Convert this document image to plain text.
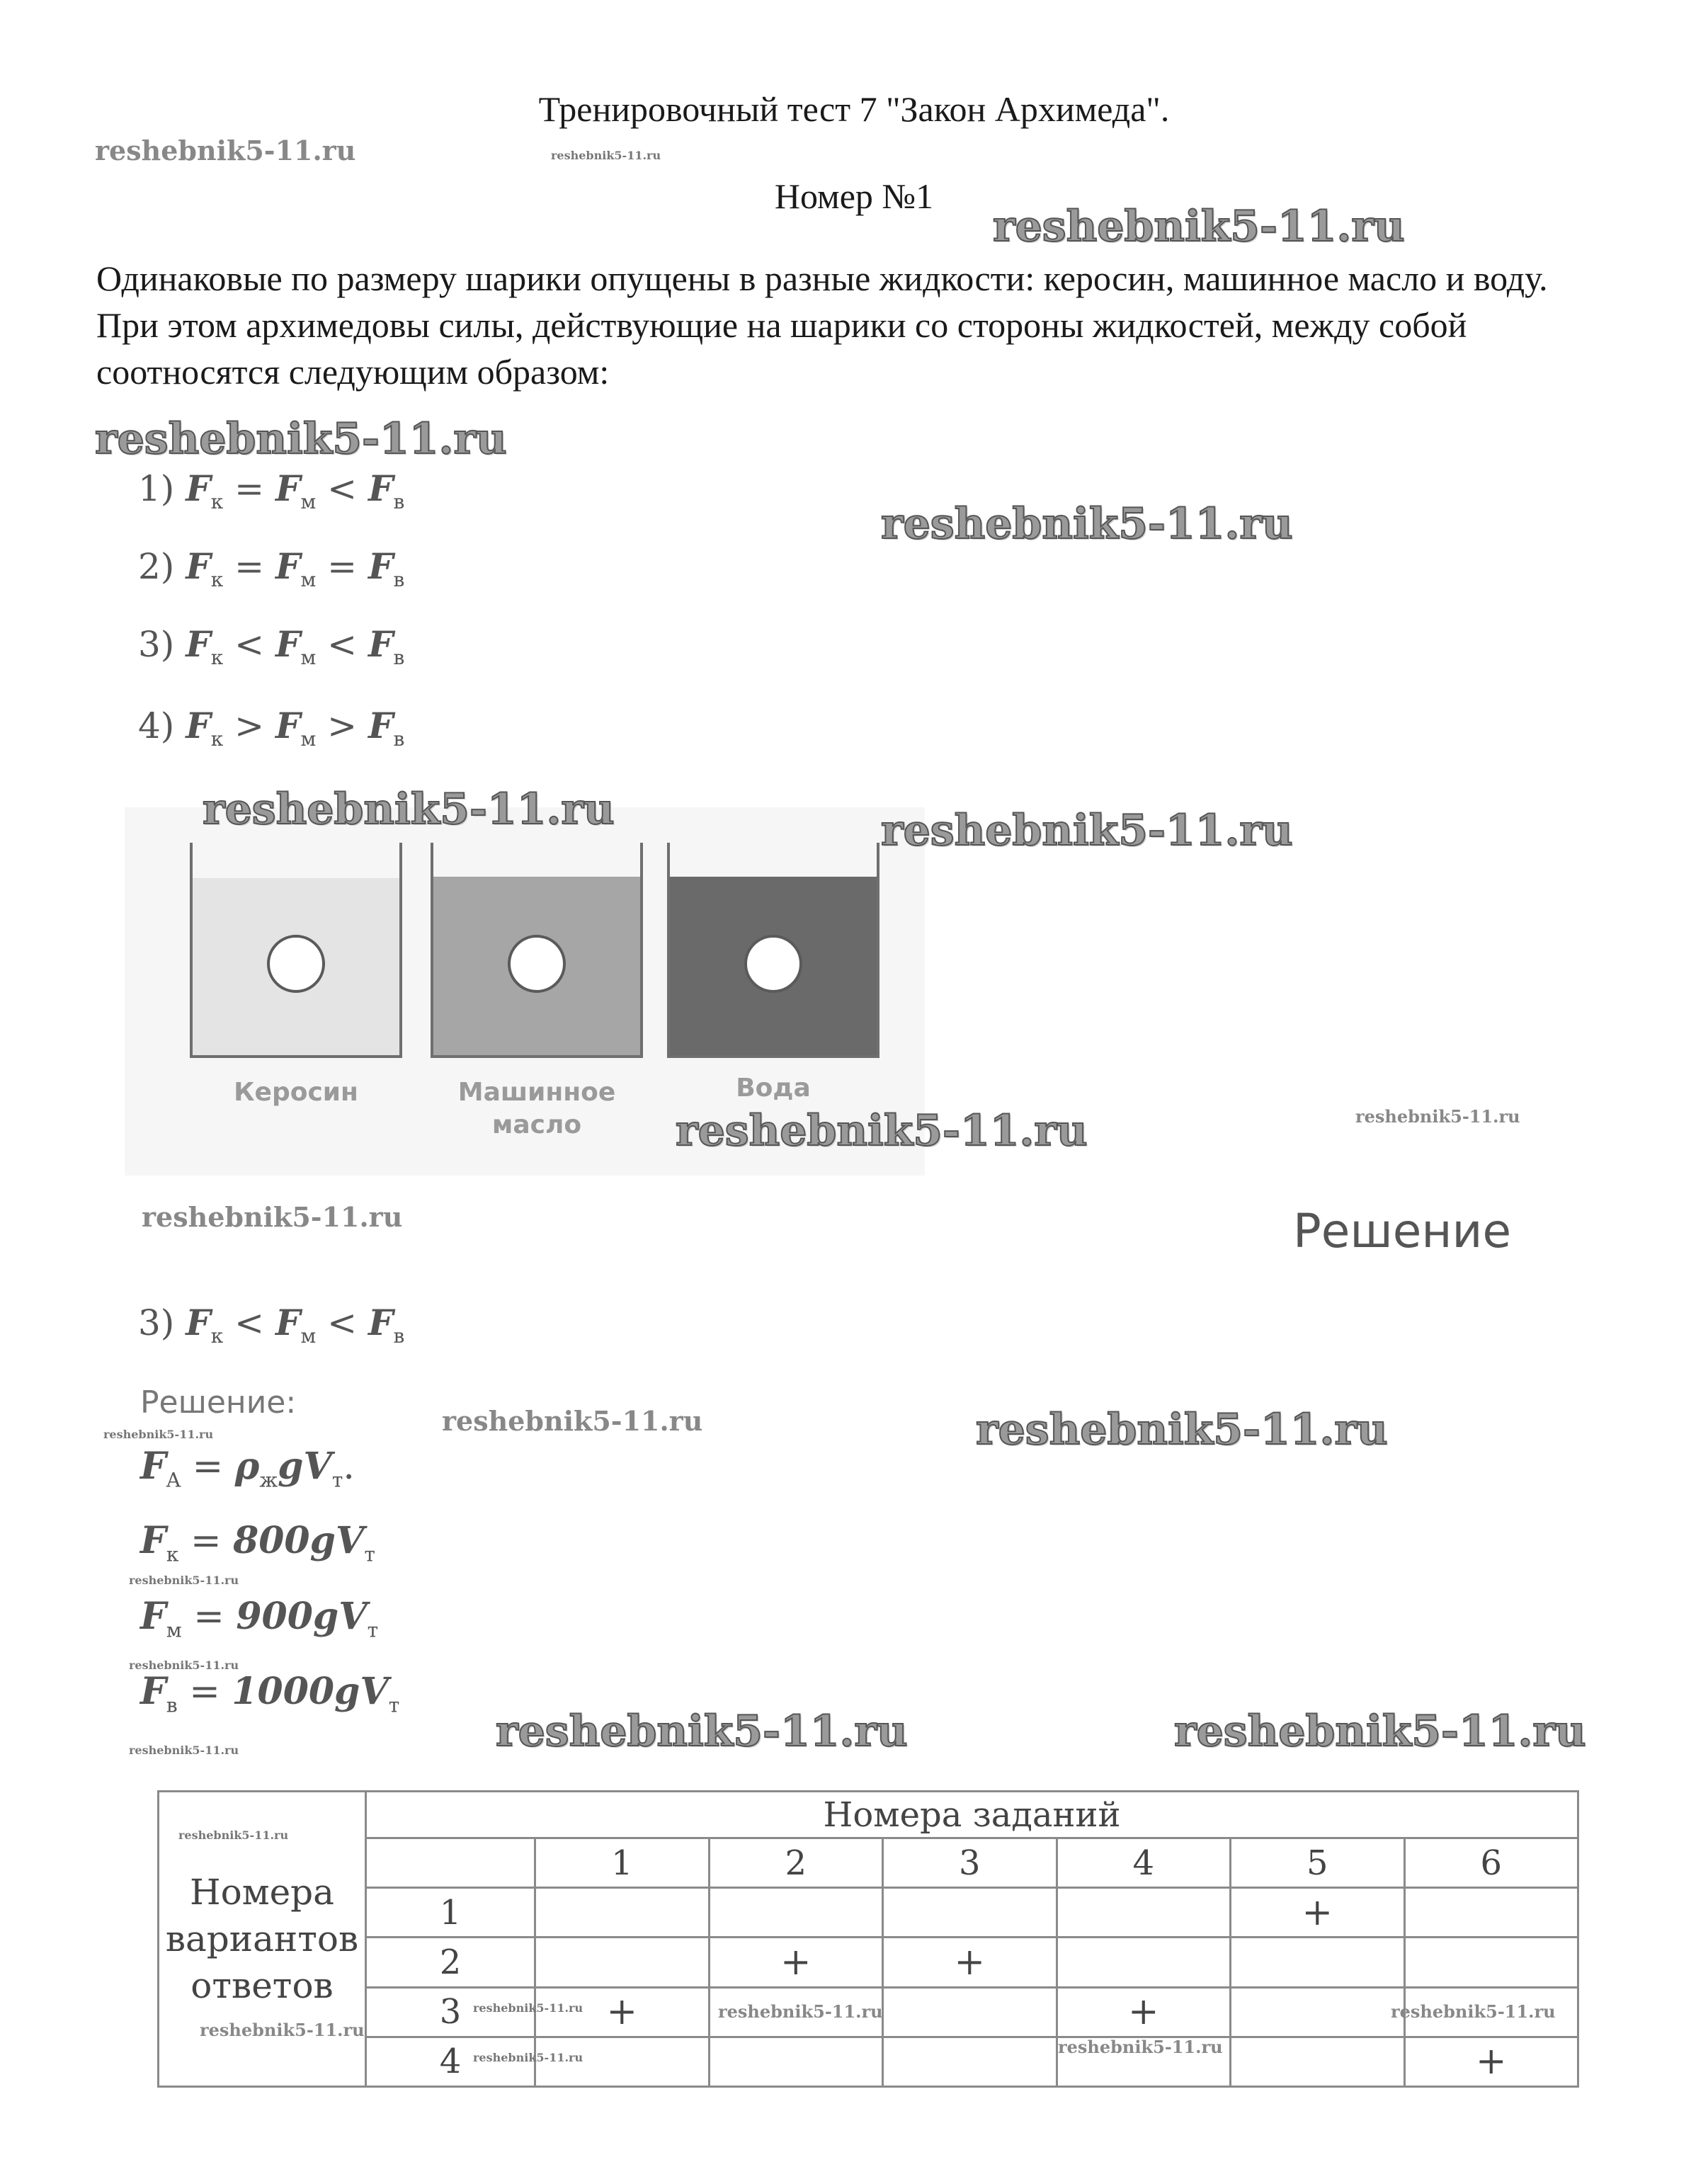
Тренировочный тест 7 "Закон Архимеда".
Номер №1
Одинаковые по размеру шарики опущены в разные жидкости: керосин, машинное масло и воду. При этом архимедовы силы, действующие на шарики со стороны жидкостей, между собой соотносятся следующим образом:
1) $F_к = F_м < F_в$
2) $F_к = F_м = F_в$
3) $F_к < F_м < F_в$
4) $F_к > F_м > F_в$
Керосин	Машинное масло
Вода
Решение
3) $F_к < F_м < F_в$
Решение:
$F_A = \rho_жgV_т$.
$F_к = 800gV_т$
$F_м = 900gV_т$
$F_в = 1000gV_т$
Номера вариантов ответов	Номера заданий						
		1	2	3	4	5	6
	1					+	
	2		+	+			
	3	+			+		
	4						+
reshebnik5-11.ru	reshebnik5-11.ru
reshebnik5-11.ru
reshebnik5-11.ru
reshebnik5-11.ru
reshebnik5-11.ru	reshebnik5-11.ru
reshebnik5-11.ru	reshebnik5-11.ru
reshebnik5-11.ru
reshebnik5-11.ru	reshebnik5-11.ru	reshebnik5-11.ru
reshebnik5-11.ru
reshebnik5-11.ru
reshebnik5-11.ru	reshebnik5-11.ru	reshebnik5-11.ru
reshebnik5-11.ru
reshebnik5-11.ru
reshebnik5-11.ru	reshebnik5-11.ru	reshebnik5-11.ru
reshebnik5-11.ru
reshebnik5-11.ru
